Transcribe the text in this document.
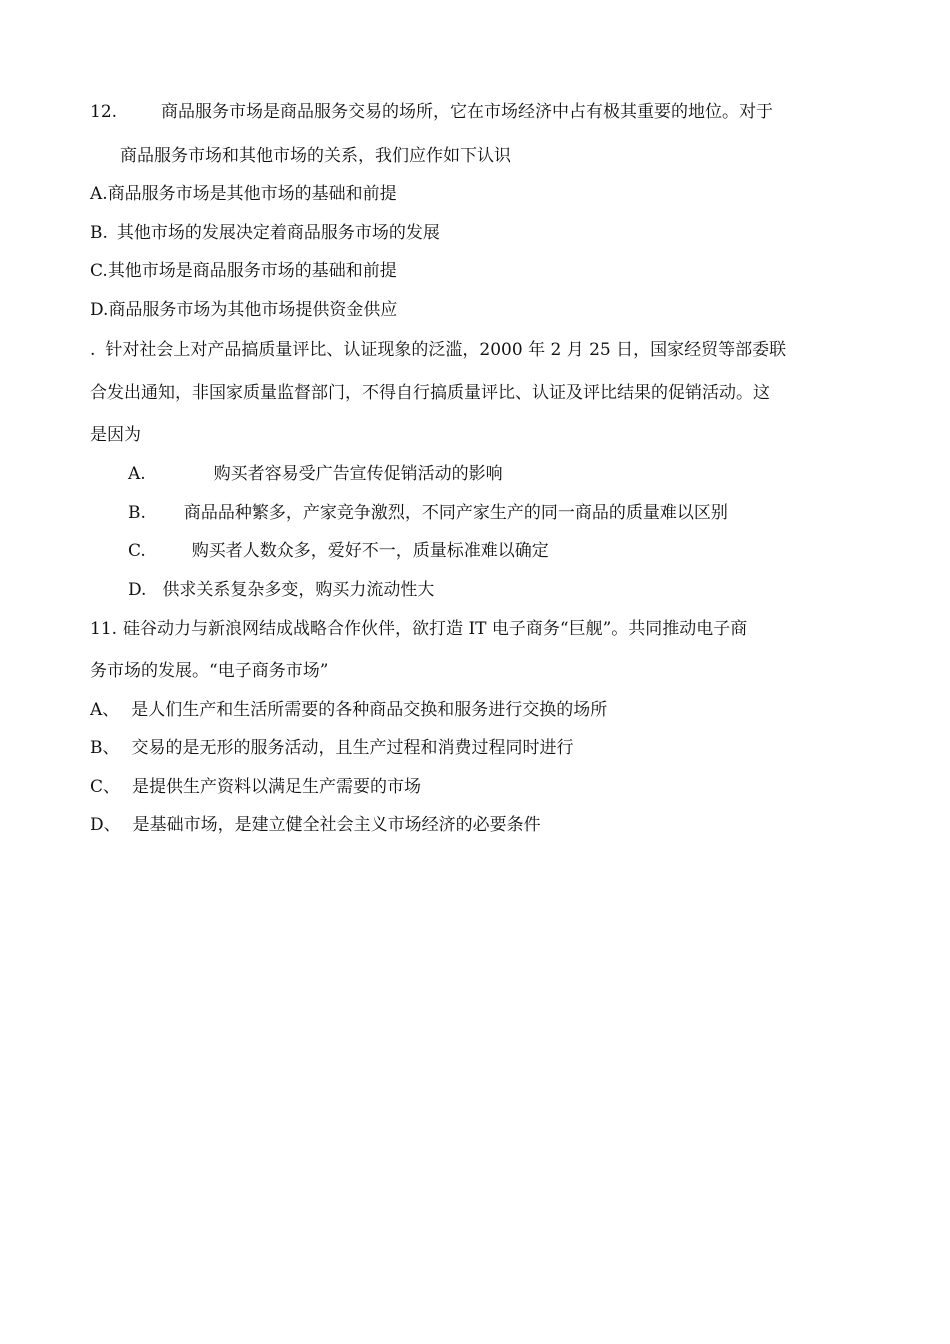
12.	商品服务市场是商品服务交易的场所，它在市场经济中占有极其重要的地位。对于
商品服务市场和其他市场的关系，我们应作如下认识
A.商品服务市场是其他市场的基础和前提
B. 其他市场的发展决定着商品服务市场的发展
C.其他市场是商品服务市场的基础和前提
D.商品服务市场为其他市场提供资金供应
. 针对社会上对产品搞质量评比、认证现象的泛滥，2000 年 2 月 25 日，国家经贸等部委联
合发出通知，非国家质量监督部门，不得自行搞质量评比、认证及评比结果的促销活动。这
是因为
A.	购买者容易受广告宣传促销活动的影响
B. 商品品种繁多，产家竞争激烈，不同产家生产的同一商品的质量难以区别
C.	购买者人数众多，爱好不一，质量标准难以确定
D. 供求关系复杂多变，购买力流动性大
11. 硅谷动力与新浪网结成战略合作伙伴，欲打造 IT 电子商务“巨舰”。共同推动电子商
务市场的发展。“电子商务市场”
A、 是人们生产和生活所需要的各种商品交换和服务进行交换的场所
B、 交易的是无形的服务活动，且生产过程和消费过程同时进行
C、 是提供生产资料以满足生产需要的市场
D、 是基础市场，是建立健全社会主义市场经济的必要条件
